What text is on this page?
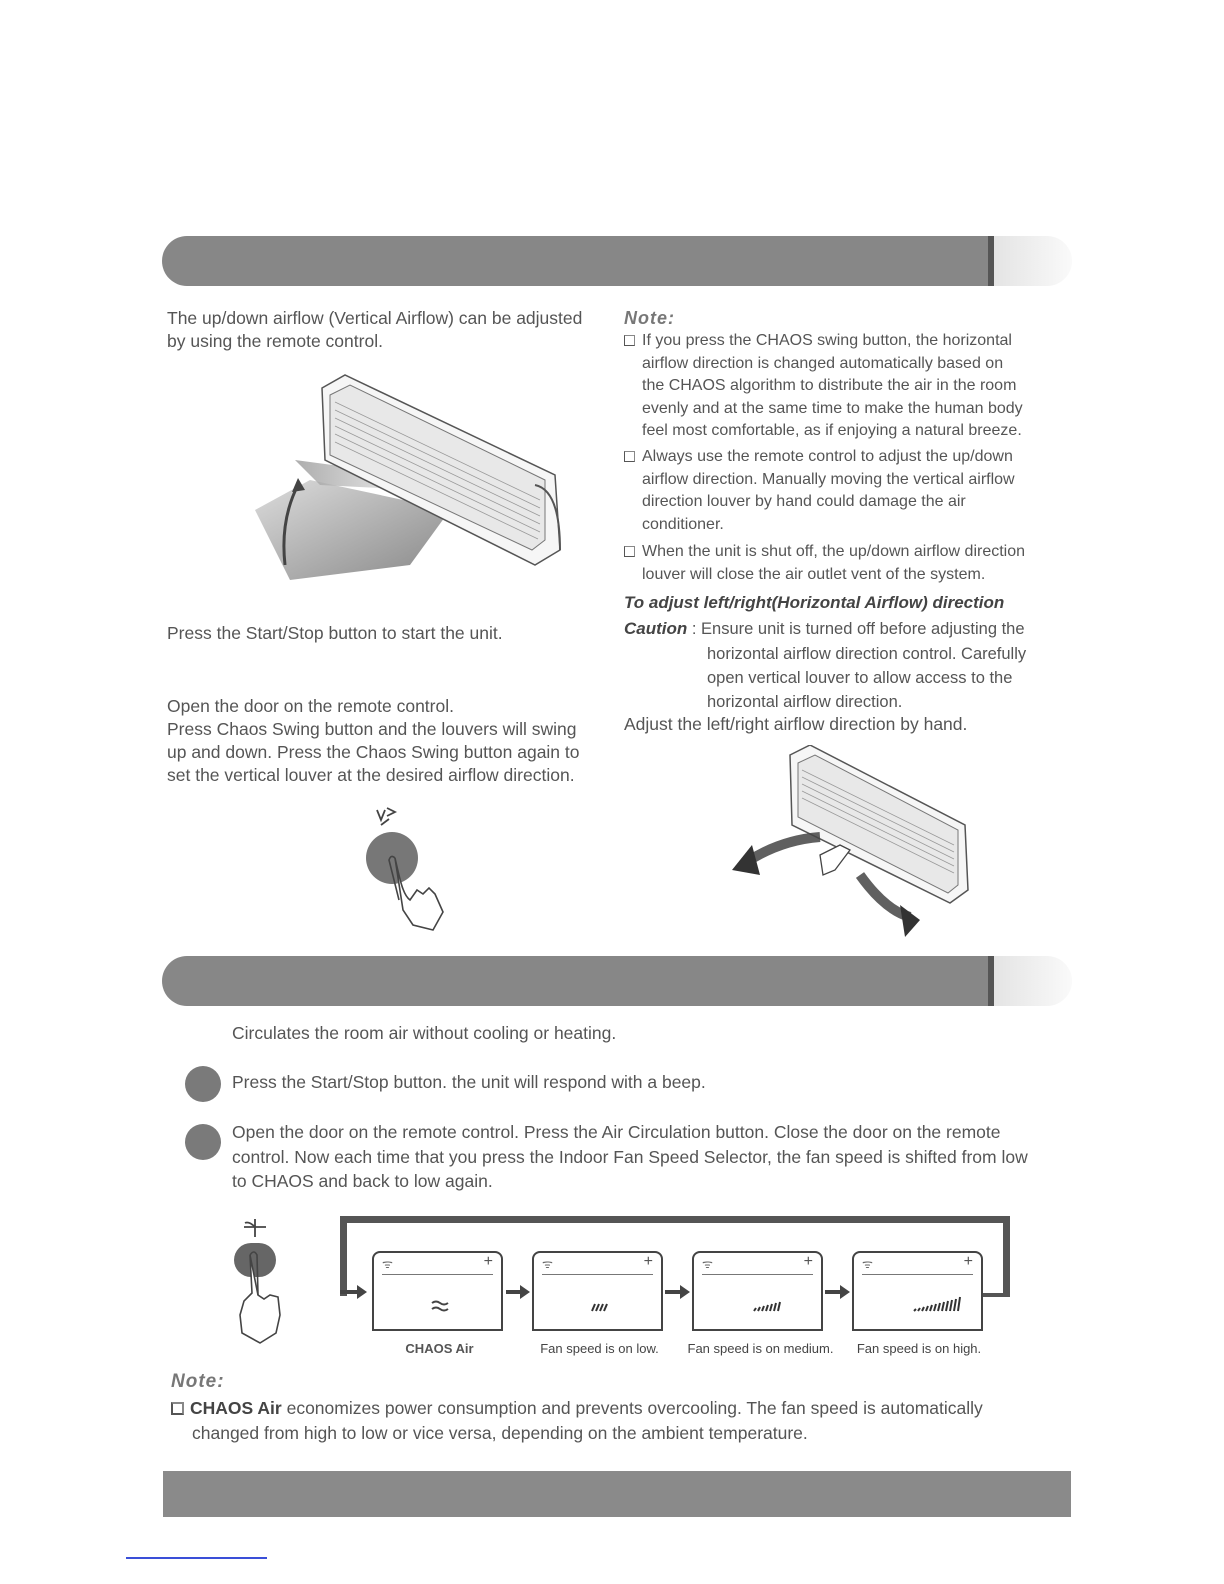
The up/down airflow (Vertical Airflow) can be adjusted
by using the remote control.
Press the Start/Stop button to start the unit.
Open the door on the remote control.
Press Chaos Swing button and the louvers will swing
up and down. Press the Chaos Swing button again to
set the vertical louver at the desired airflow direction.
Note:
If you press the CHAOS swing button, the horizontal
airflow direction is changed automatically based on
the CHAOS algorithm to distribute the air in the room
evenly and at the same time to make the human body
feel most comfortable, as if enjoying a natural breeze.
Always use the remote control to adjust the up/down
airflow direction. Manually moving the vertical airflow
direction louver by hand could damage the air
conditioner.
When the unit is shut off, the up/down airflow direction
louver will close the air outlet vent of the system.
To adjust left/right(Horizontal Airflow) direction
Caution : Ensure unit is turned off before adjusting the
horizontal airflow direction control. Carefully
open vertical louver to allow access to the
horizontal airflow direction.
Adjust the left/right airflow direction by hand.
Circulates the room air without cooling or heating.
Press the Start/Stop button. the unit will respond with a beep.
Open the door on the remote control. Press the Air Circulation button. Close the door on the remote
control. Now each time that you press the Indoor Fan Speed Selector, the fan speed is shifted from low
to CHAOS and back to low again.
ᯤ	+	ᯤ	+	ᯤ	+	ᯤ	+
CHAOS Air	Fan speed is on low.	Fan speed is on medium.	Fan speed is on high.
Note:
CHAOS Air economizes power consumption and prevents overcooling. The fan speed is automatically
changed from high to low or vice versa, depending on the ambient temperature.
